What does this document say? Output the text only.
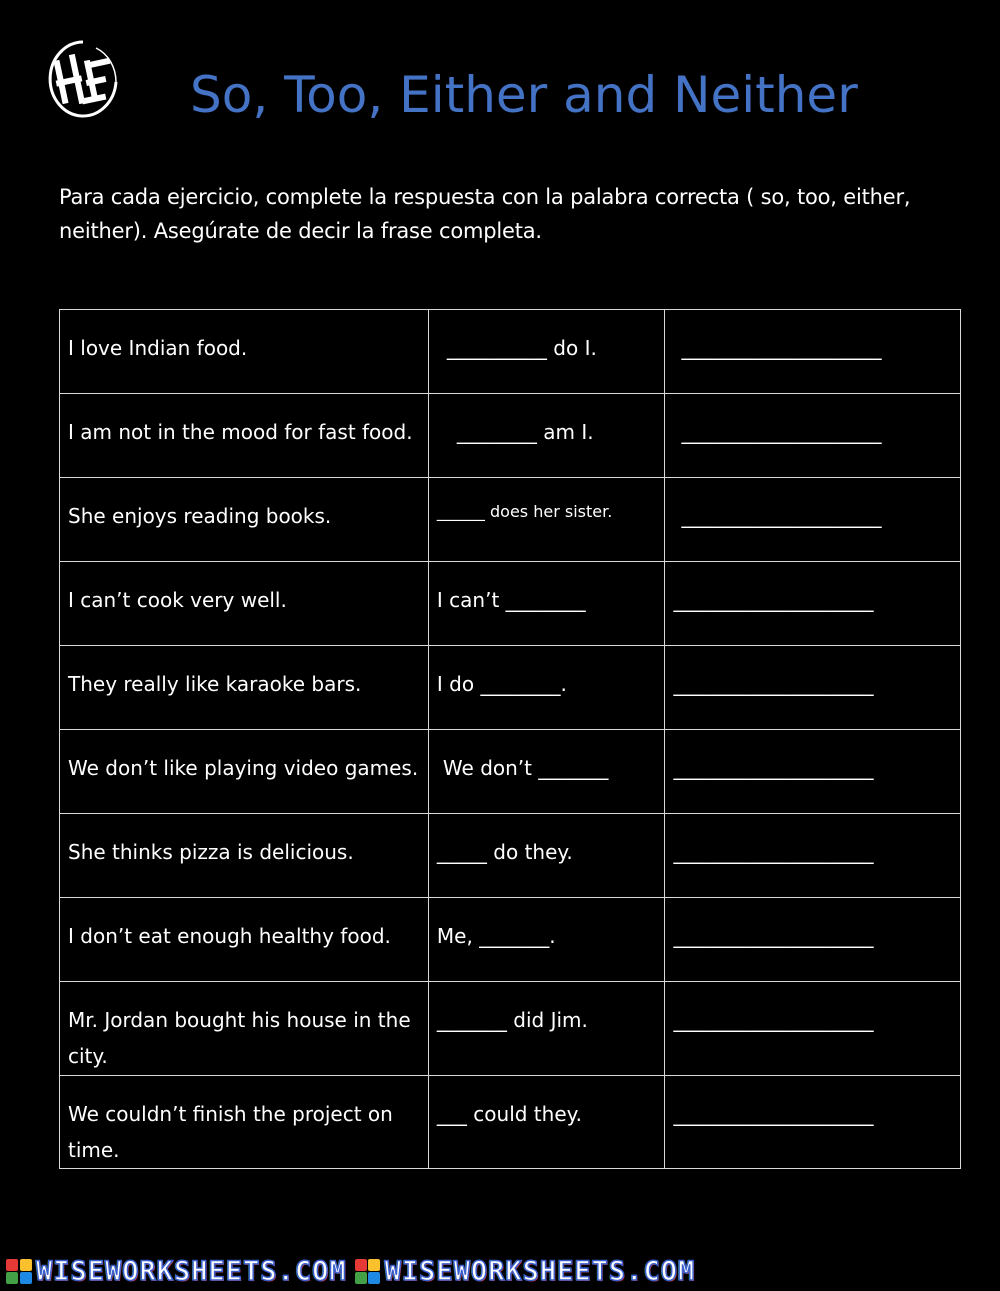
So, Too, Either and Neither
Para cada ejercicio, complete la respuesta con la palabra correcta ( so, too, either, neither). Asegúrate de decir la frase completa.
I love Indian food.	__________ do I.	____________________
I am not in the mood for fast food.	________ am I.	____________________
She enjoys reading books.	______ does her sister.	____________________
I can’t cook very well.	I can’t ________	____________________
They really like karaoke bars.	I do ________.	____________________
We don’t like playing video games.	We don’t _______	____________________
She thinks pizza is delicious.	_____ do they.	____________________
I don’t eat enough healthy food.	Me, _______.	____________________
Mr. Jordan bought his house in the city.	_______ did Jim.	____________________
We couldn’t finish the project on time.	___ could they.	____________________
WISEWORKSHEETS.COM WISEWORKSHEETS.COM
